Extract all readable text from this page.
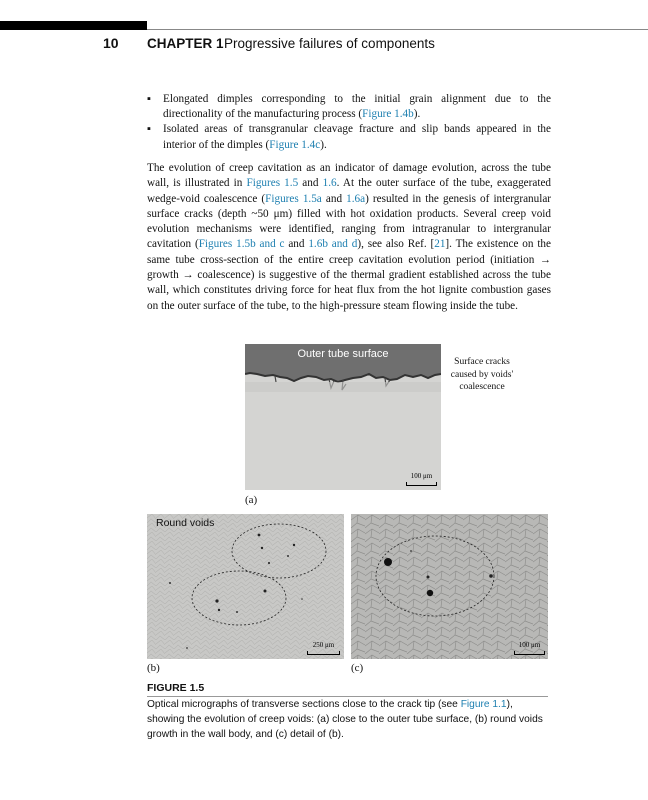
10 CHAPTER 1 Progressive failures of components
▪ Elongated dimples corresponding to the initial grain alignment due to the directionality of the manufacturing process (Figure 1.4b).
▪ Isolated areas of transgranular cleavage fracture and slip bands appeared in the interior of the dimples (Figure 1.4c).

The evolution of creep cavitation as an indicator of damage evolution, across the tube wall, is illustrated in Figures 1.5 and 1.6. At the outer surface of the tube, exaggerated wedge-void coalescence (Figures 1.5a and 1.6a) resulted in the genesis of intergranular surface cracks (depth ~50 μm) filled with hot oxidation products. Several creep void evolution mechanisms were identified, ranging from intragranular to intergranular cavitation (Figures 1.5b and c and 1.6b and d), see also Ref. [21]. The existence on the same tube cross-section of the entire creep cavitation evolution period (initiation → growth → coalescence) is suggestive of the thermal gradient established across the tube wall, which constitutes driving force for heat flux from the hot lignite combustion gases on the outer surface of the tube, to the high-pressure steam flowing inside the tube.

Outer tube surface
100 μm
Surface cracks caused by voids' coalescence
(a)
Round voids
250 μm	100 μm
(b)	(c)
FIGURE 1.5

Optical micrographs of transverse sections close to the crack tip (see Figure 1.1), showing the evolution of creep voids: (a) close to the outer tube surface, (b) round voids growth in the wall body, and (c) detail of (b).
